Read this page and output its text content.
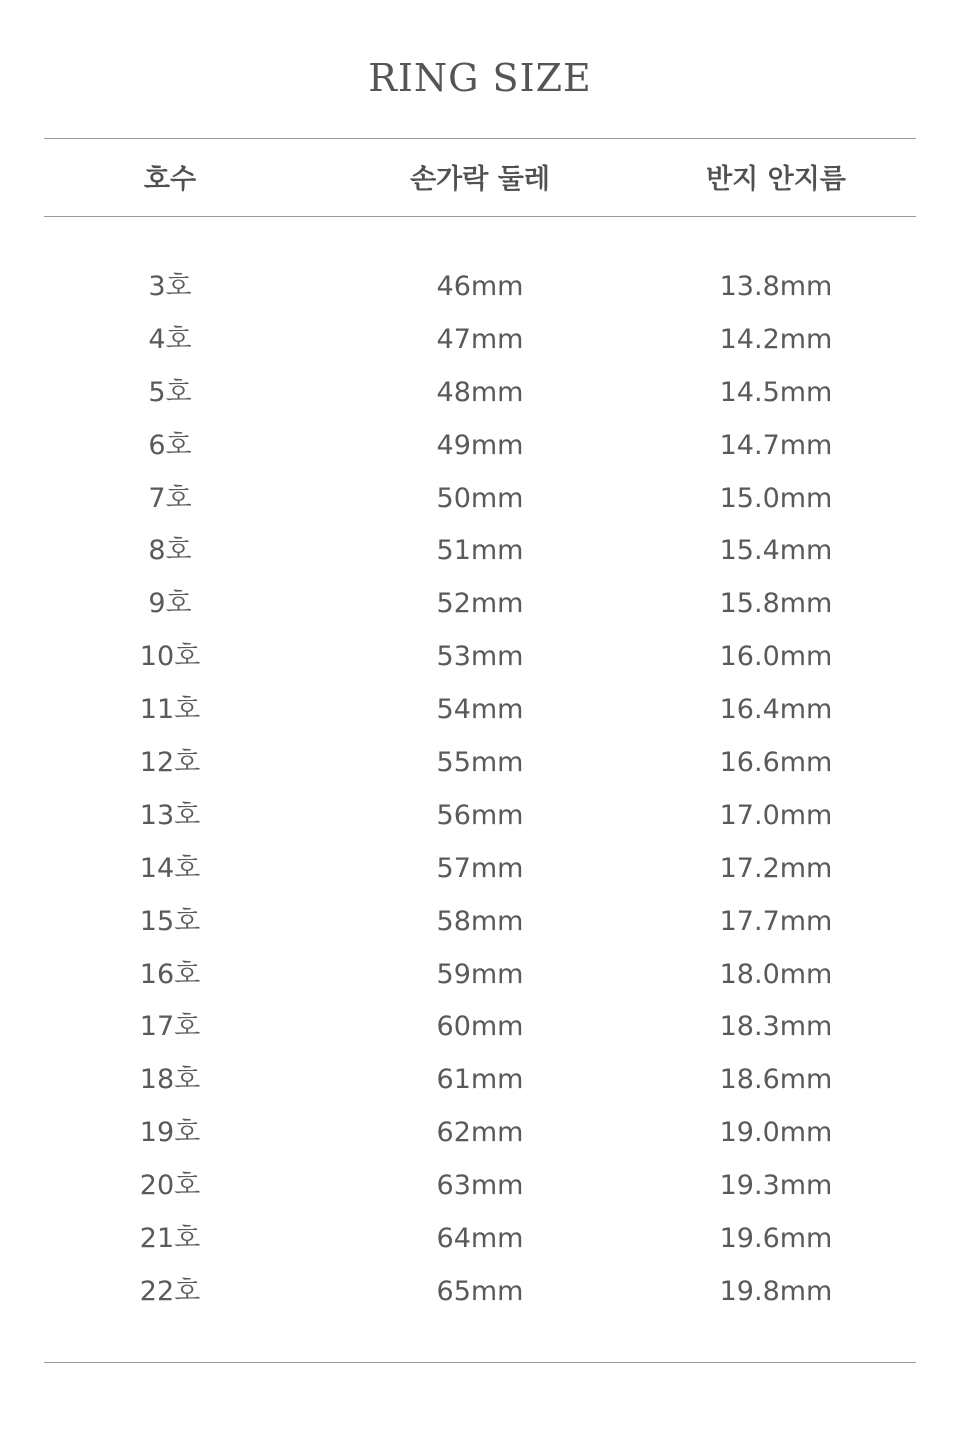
RING SIZE
호수	손가락 둘레	반지 안지름
3호	46mm	13.8mm
4호	47mm	14.2mm
5호	48mm	14.5mm
6호	49mm	14.7mm
7호	50mm	15.0mm
8호	51mm	15.4mm
9호	52mm	15.8mm
10호	53mm	16.0mm
11호	54mm	16.4mm
12호	55mm	16.6mm
13호	56mm	17.0mm
14호	57mm	17.2mm
15호	58mm	17.7mm
16호	59mm	18.0mm
17호	60mm	18.3mm
18호	61mm	18.6mm
19호	62mm	19.0mm
20호	63mm	19.3mm
21호	64mm	19.6mm
22호	65mm	19.8mm
